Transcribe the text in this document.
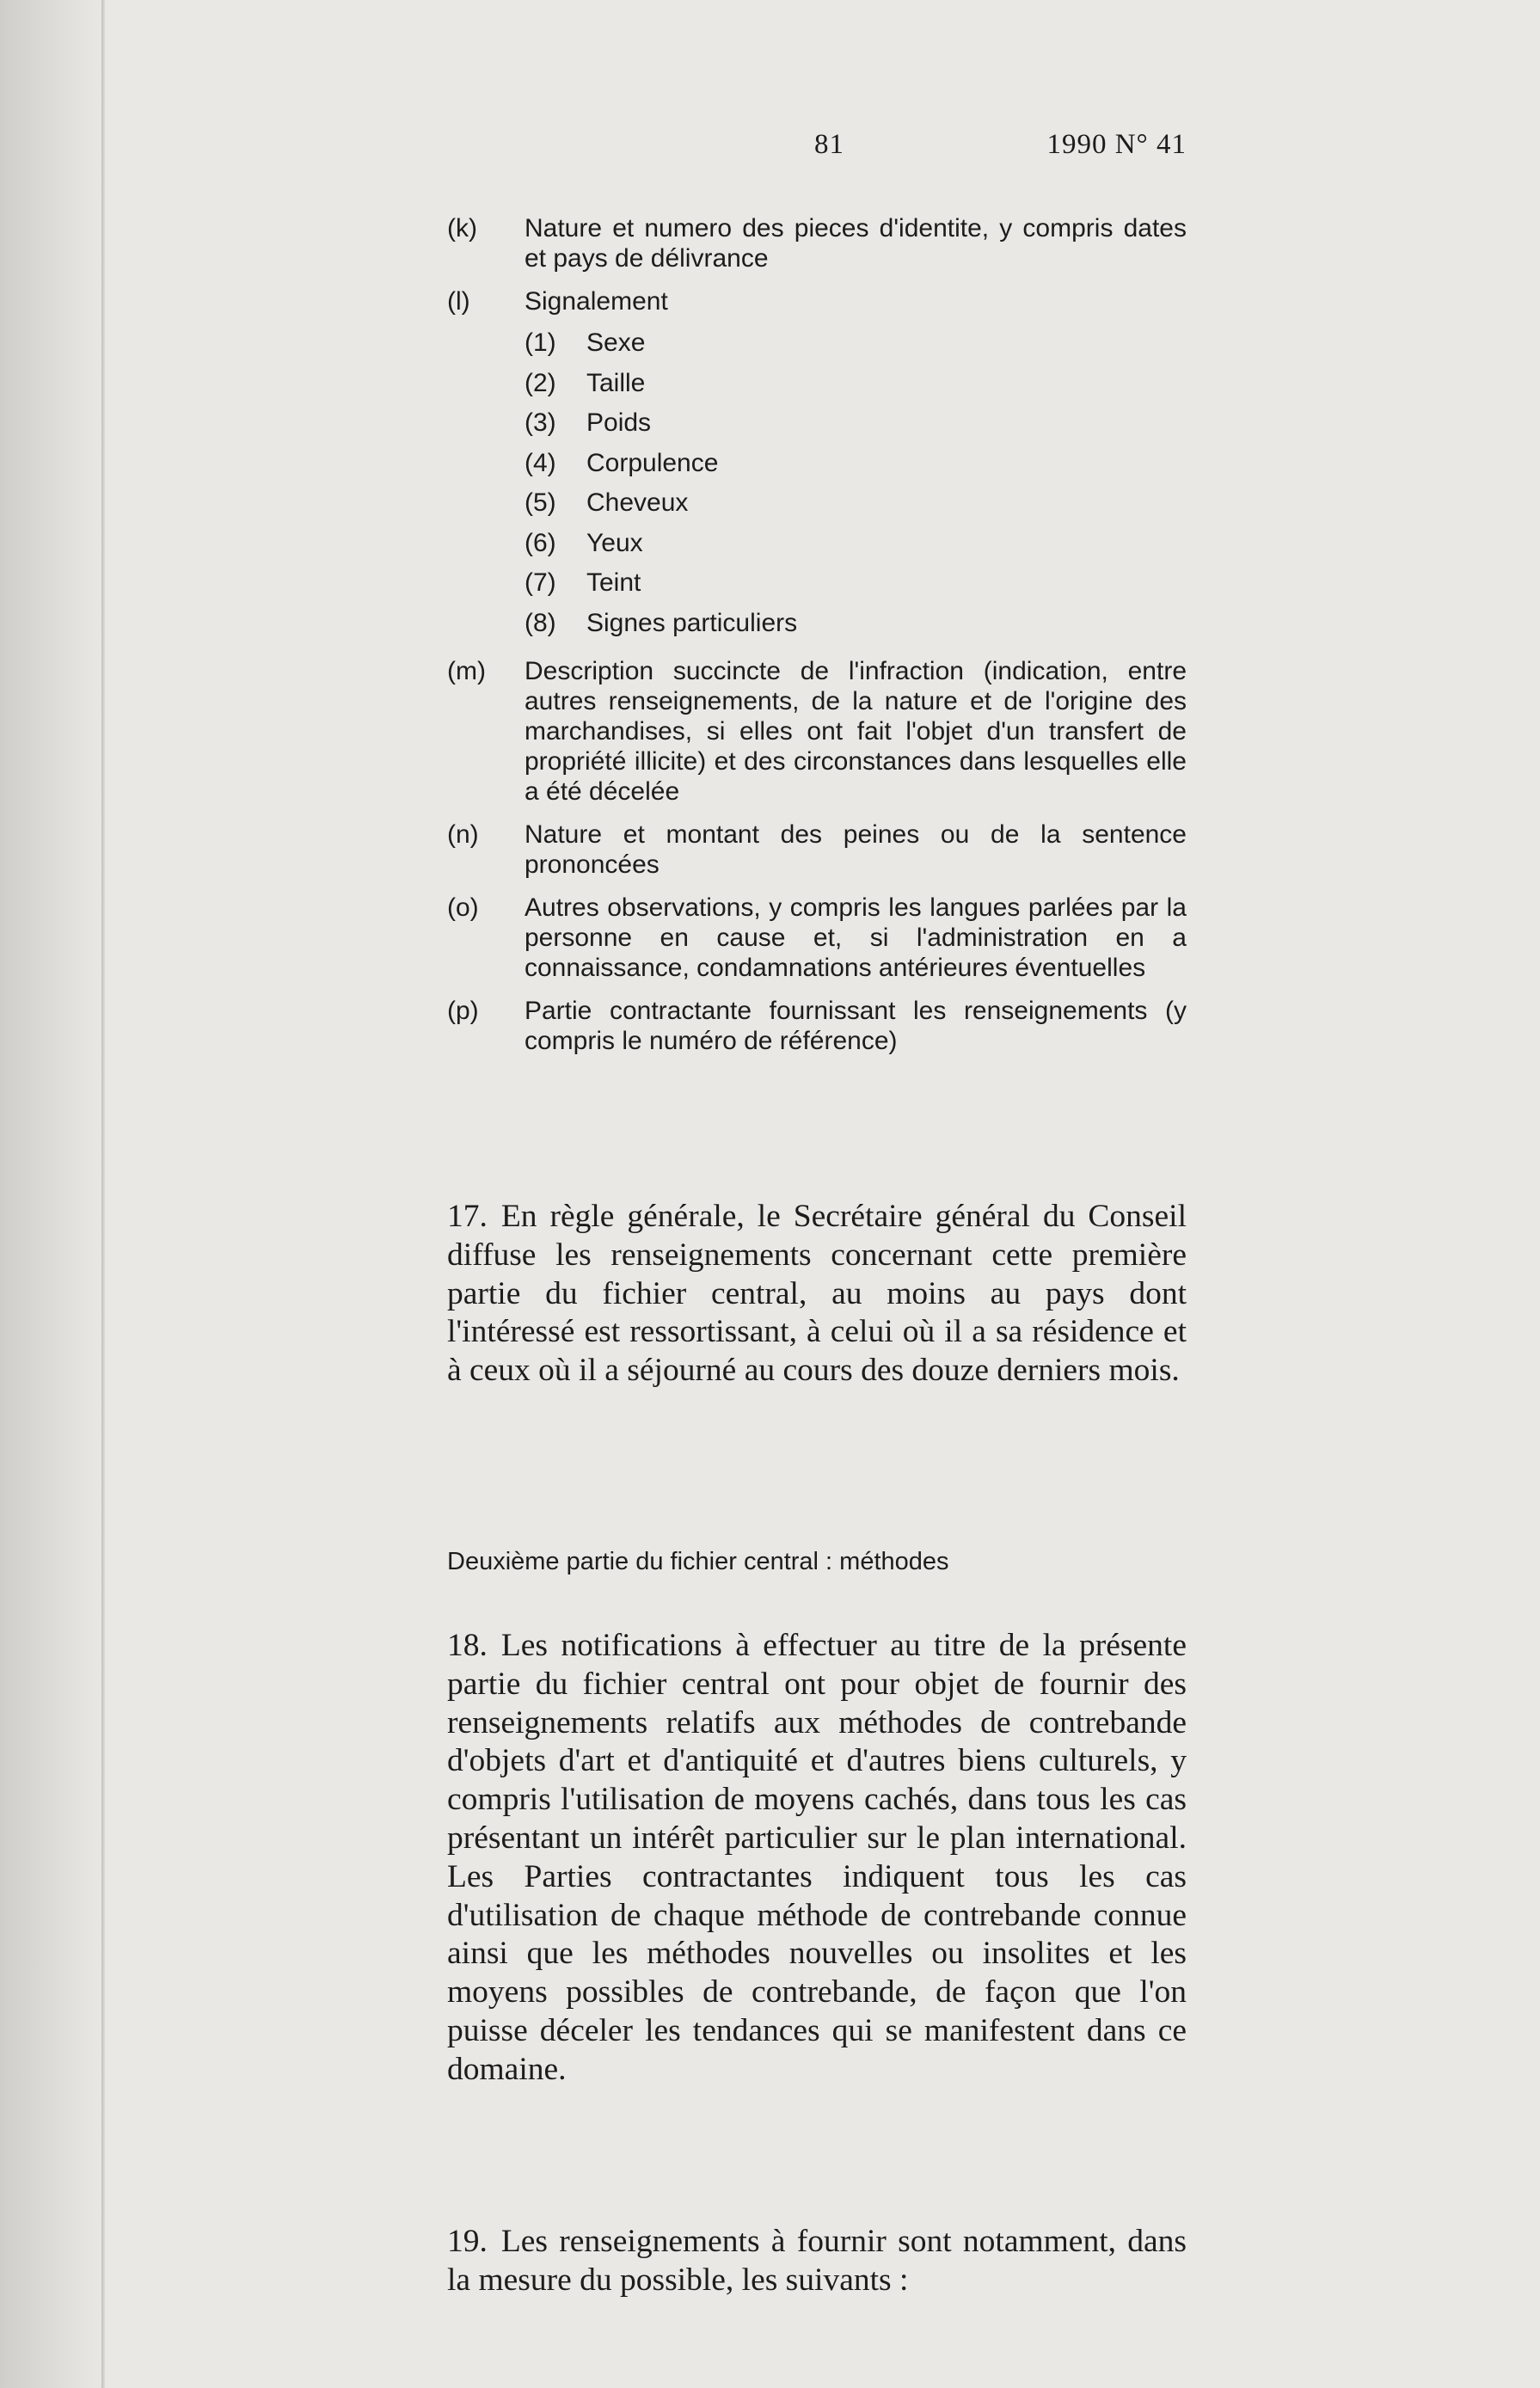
81	1990 N° 41
(k)	Nature et numero des pieces d'identite, y compris dates et pays de délivrance
(l)	Signalement
(1)	Sexe
(2)	Taille
(3)	Poids
(4)	Corpulence
(5)	Cheveux
(6)	Yeux
(7)	Teint
(8)	Signes particuliers
(m)	Description succincte de l'infraction (indication, entre autres renseignements, de la nature et de l'origine des marchandises, si elles ont fait l'objet d'un transfert de propriété illicite) et des circonstances dans lesquelles elle a été décelée
(n)	Nature et montant des peines ou de la sentence prononcées
(o)	Autres observations, y compris les langues parlées par la personne en cause et, si l'administration en a connaissance, condamnations antérieures éventuelles
(p)	Partie contractante fournissant les renseignements (y compris le numéro de référence)
17. En règle générale, le Secrétaire général du Conseil diffuse les renseignements concernant cette première partie du fichier central, au moins au pays dont l'intéressé est ressortissant, à celui où il a sa résidence et à ceux où il a séjourné au cours des douze derniers mois.
Deuxième partie du fichier central : méthodes
18. Les notifications à effectuer au titre de la présente partie du fichier central ont pour objet de fournir des renseignements relatifs aux méthodes de contrebande d'objets d'art et d'antiquité et d'autres biens culturels, y compris l'utilisation de moyens cachés, dans tous les cas présentant un intérêt particulier sur le plan international. Les Parties contractantes indiquent tous les cas d'utilisation de chaque méthode de contrebande connue ainsi que les méthodes nouvelles ou insolites et les moyens possibles de contrebande, de façon que l'on puisse déceler les tendances qui se manifestent dans ce domaine.
19. Les renseignements à fournir sont notamment, dans la mesure du possible, les suivants :
